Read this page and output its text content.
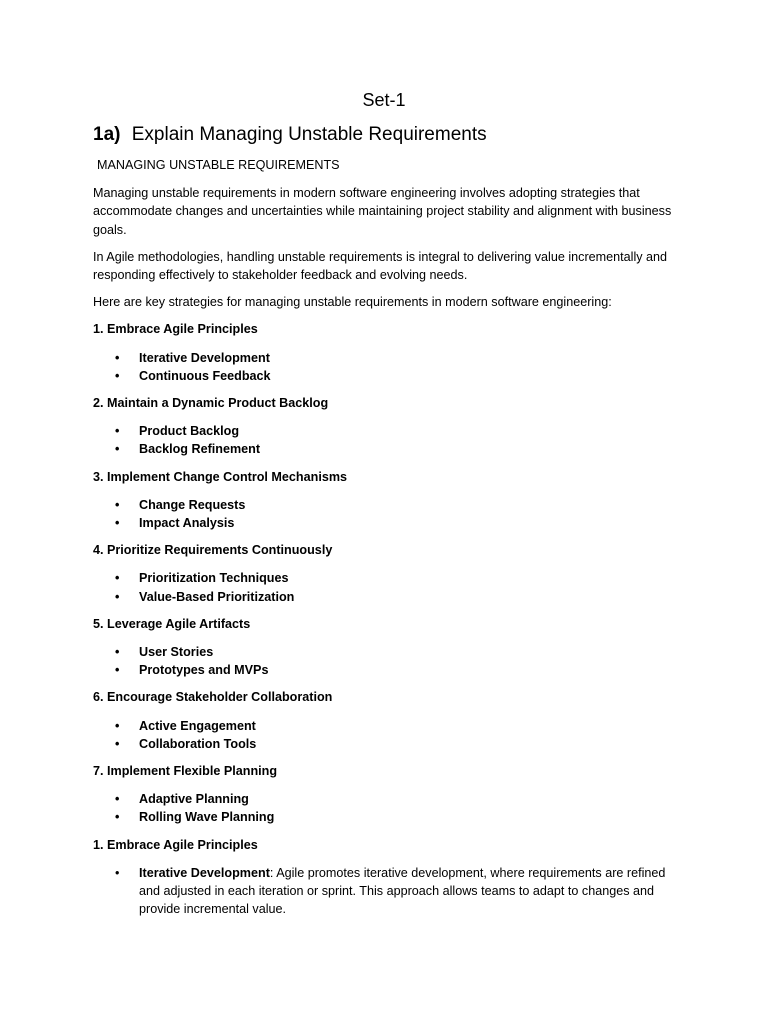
Set-1
1a) Explain Managing Unstable Requirements
MANAGING UNSTABLE REQUIREMENTS
Managing unstable requirements in modern software engineering involves adopting strategies that accommodate changes and uncertainties while maintaining project stability and alignment with business goals.
In Agile methodologies, handling unstable requirements is integral to delivering value incrementally and responding effectively to stakeholder feedback and evolving needs.
Here are key strategies for managing unstable requirements in modern software engineering:
1. Embrace Agile Principles
• Iterative Development
• Continuous Feedback
2. Maintain a Dynamic Product Backlog
• Product Backlog
• Backlog Refinement
3. Implement Change Control Mechanisms
• Change Requests
• Impact Analysis
4. Prioritize Requirements Continuously
• Prioritization Techniques
• Value-Based Prioritization
5. Leverage Agile Artifacts
• User Stories
• Prototypes and MVPs
6. Encourage Stakeholder Collaboration
• Active Engagement
• Collaboration Tools
7. Implement Flexible Planning
• Adaptive Planning
• Rolling Wave Planning
1. Embrace Agile Principles
• Iterative Development: Agile promotes iterative development, where requirements are refined and adjusted in each iteration or sprint. This approach allows teams to adapt to changes and provide incremental value.
